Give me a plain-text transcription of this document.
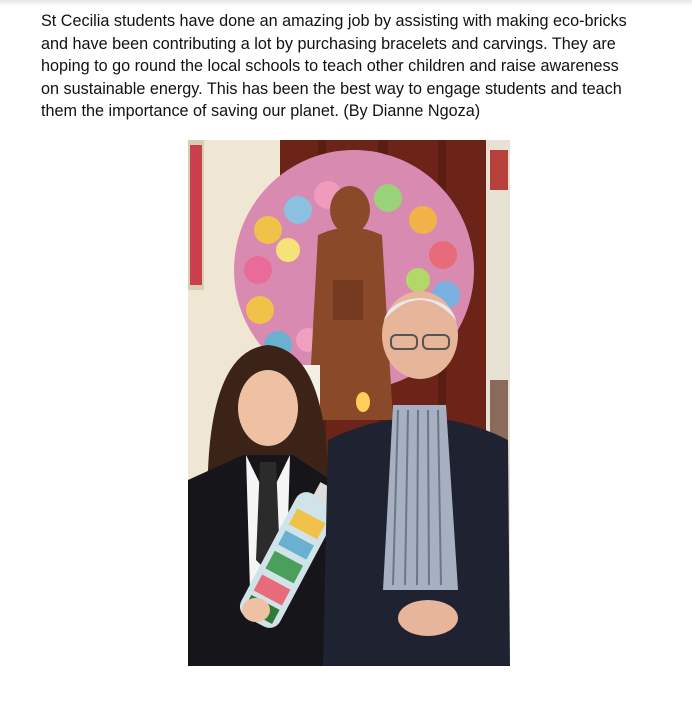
St Cecilia students have done an amazing job by assisting with making eco-bricks
and have been contributing a lot by purchasing bracelets and carvings. They are
hoping to go round the local schools to teach other children and raise awareness
on sustainable energy. This has been the best way to engage students and teach
them the importance of saving our planet. (By Dianne Ngoza)
